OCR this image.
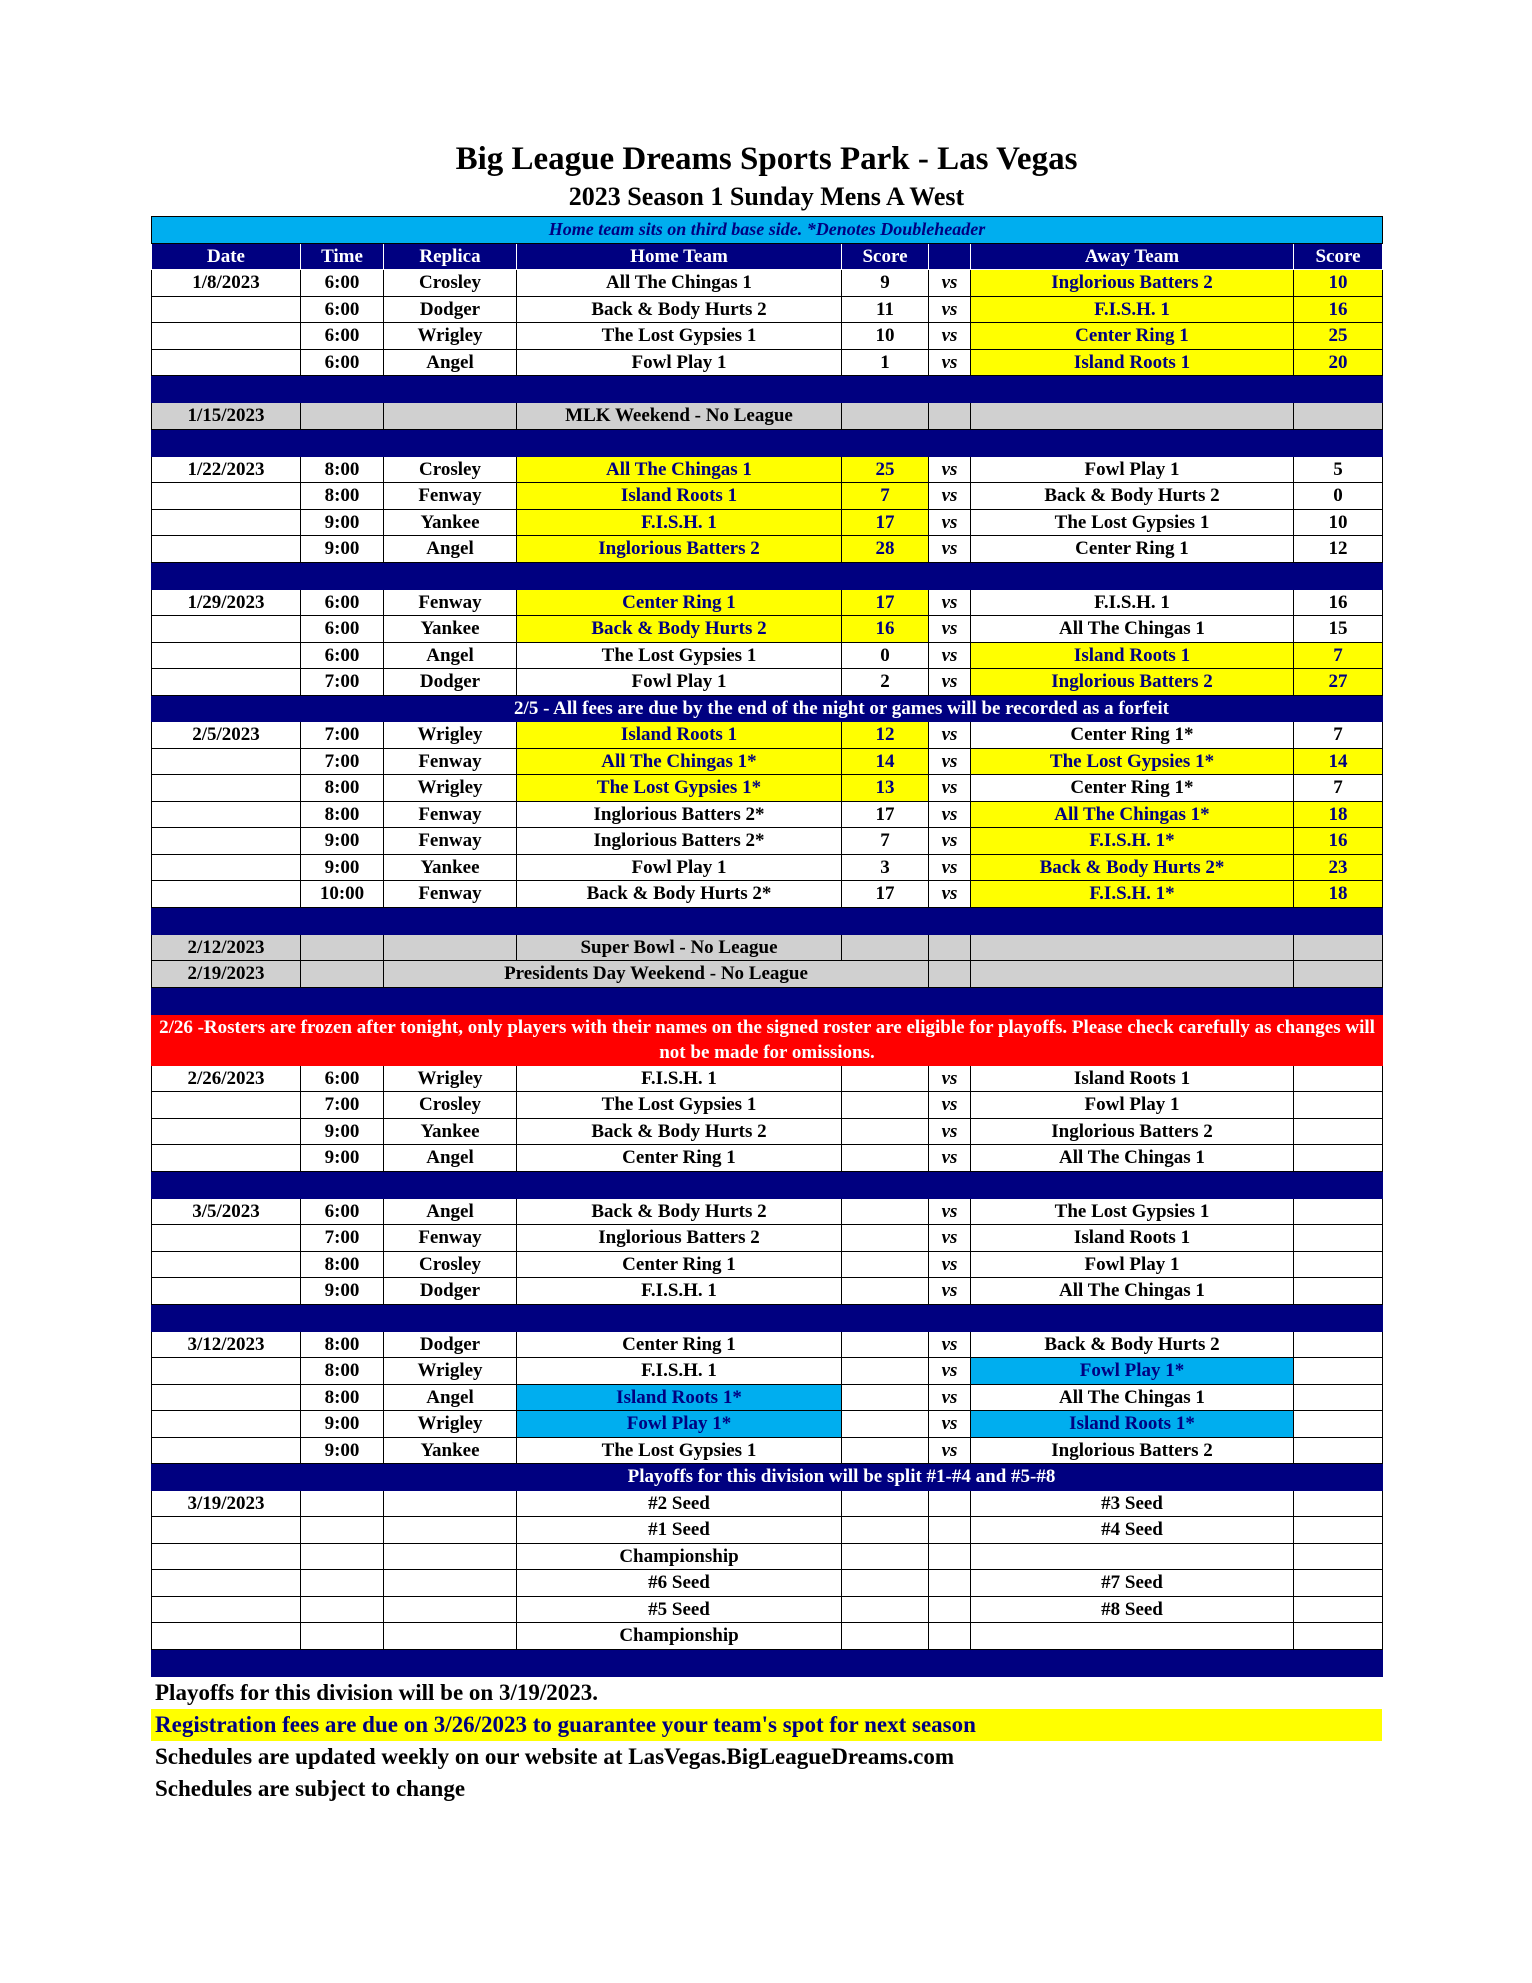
Big League Dreams Sports Park - Las Vegas
2023 Season 1 Sunday Mens A West
Home team sits on third base side. *Denotes Doubleheader							
Date	Time	Replica	Home Team	Score		Away Team	Score
1/8/2023	6:00	Crosley	All The Chingas 1	9	vs	Inglorious Batters 2	10
	6:00	Dodger	Back & Body Hurts 2	11	vs	F.I.S.H. 1	16
	6:00	Wrigley	The Lost Gypsies 1	10	vs	Center Ring 1	25
	6:00	Angel	Fowl Play 1	1	vs	Island Roots 1	20

1/15/2023			MLK Weekend - No League				

1/22/2023	8:00	Crosley	All The Chingas 1	25	vs	Fowl Play 1	5
	8:00	Fenway	Island Roots 1	7	vs	Back & Body Hurts 2	0
	9:00	Yankee	F.I.S.H. 1	17	vs	The Lost Gypsies 1	10
	9:00	Angel	Inglorious Batters 2	28	vs	Center Ring 1	12

1/29/2023	6:00	Fenway	Center Ring 1	17	vs	F.I.S.H. 1	16
	6:00	Yankee	Back & Body Hurts 2	16	vs	All The Chingas 1	15
	6:00	Angel	The Lost Gypsies 1	0	vs	Island Roots 1	7
	7:00	Dodger	Fowl Play 1	2	vs	Inglorious Batters 2	27
	2/5 - All fees are due by the end of the night or games will be recorded as a forfeit						
2/5/2023	7:00	Wrigley	Island Roots 1	12	vs	Center Ring 1*	7
	7:00	Fenway	All The Chingas 1*	14	vs	The Lost Gypsies 1*	14
	8:00	Wrigley	The Lost Gypsies 1*	13	vs	Center Ring 1*	7
	8:00	Fenway	Inglorious Batters 2*	17	vs	All The Chingas 1*	18
	9:00	Fenway	Inglorious Batters 2*	7	vs	F.I.S.H. 1*	16
	9:00	Yankee	Fowl Play 1	3	vs	Back & Body Hurts 2*	23
	10:00	Fenway	Back & Body Hurts 2*	17	vs	F.I.S.H. 1*	18

2/12/2023			Super Bowl - No League				
2/19/2023		Presidents Day Weekend - No League					

2/26 -Rosters are frozen after tonight, only players with their names on the signed roster are eligible for playoffs. Please check carefully as changes will not be made for omissions.							
2/26/2023	6:00	Wrigley	F.I.S.H. 1		vs	Island Roots 1	
	7:00	Crosley	The Lost Gypsies 1		vs	Fowl Play 1	
	9:00	Yankee	Back & Body Hurts 2		vs	Inglorious Batters 2	
	9:00	Angel	Center Ring 1		vs	All The Chingas 1	

3/5/2023	6:00	Angel	Back & Body Hurts 2		vs	The Lost Gypsies 1	
	7:00	Fenway	Inglorious Batters 2		vs	Island Roots 1	
	8:00	Crosley	Center Ring 1		vs	Fowl Play 1	
	9:00	Dodger	F.I.S.H. 1		vs	All The Chingas 1	

3/12/2023	8:00	Dodger	Center Ring 1		vs	Back & Body Hurts 2	
	8:00	Wrigley	F.I.S.H. 1		vs	Fowl Play 1*	
	8:00	Angel	Island Roots 1*		vs	All The Chingas 1	
	9:00	Wrigley	Fowl Play 1*		vs	Island Roots 1*	
	9:00	Yankee	The Lost Gypsies 1		vs	Inglorious Batters 2	
	Playoffs for this division will be split #1-#4 and #5-#8						
3/19/2023			#2 Seed			#3 Seed	
			#1 Seed			#4 Seed	
			Championship				
			#6 Seed			#7 Seed	
			#5 Seed			#8 Seed	
			Championship				

Playoffs for this division will be on 3/19/2023.
Registration fees are due on 3/26/2023 to guarantee your team's spot for next season
Schedules are updated weekly on our website at LasVegas.BigLeagueDreams.com
Schedules are subject to change
